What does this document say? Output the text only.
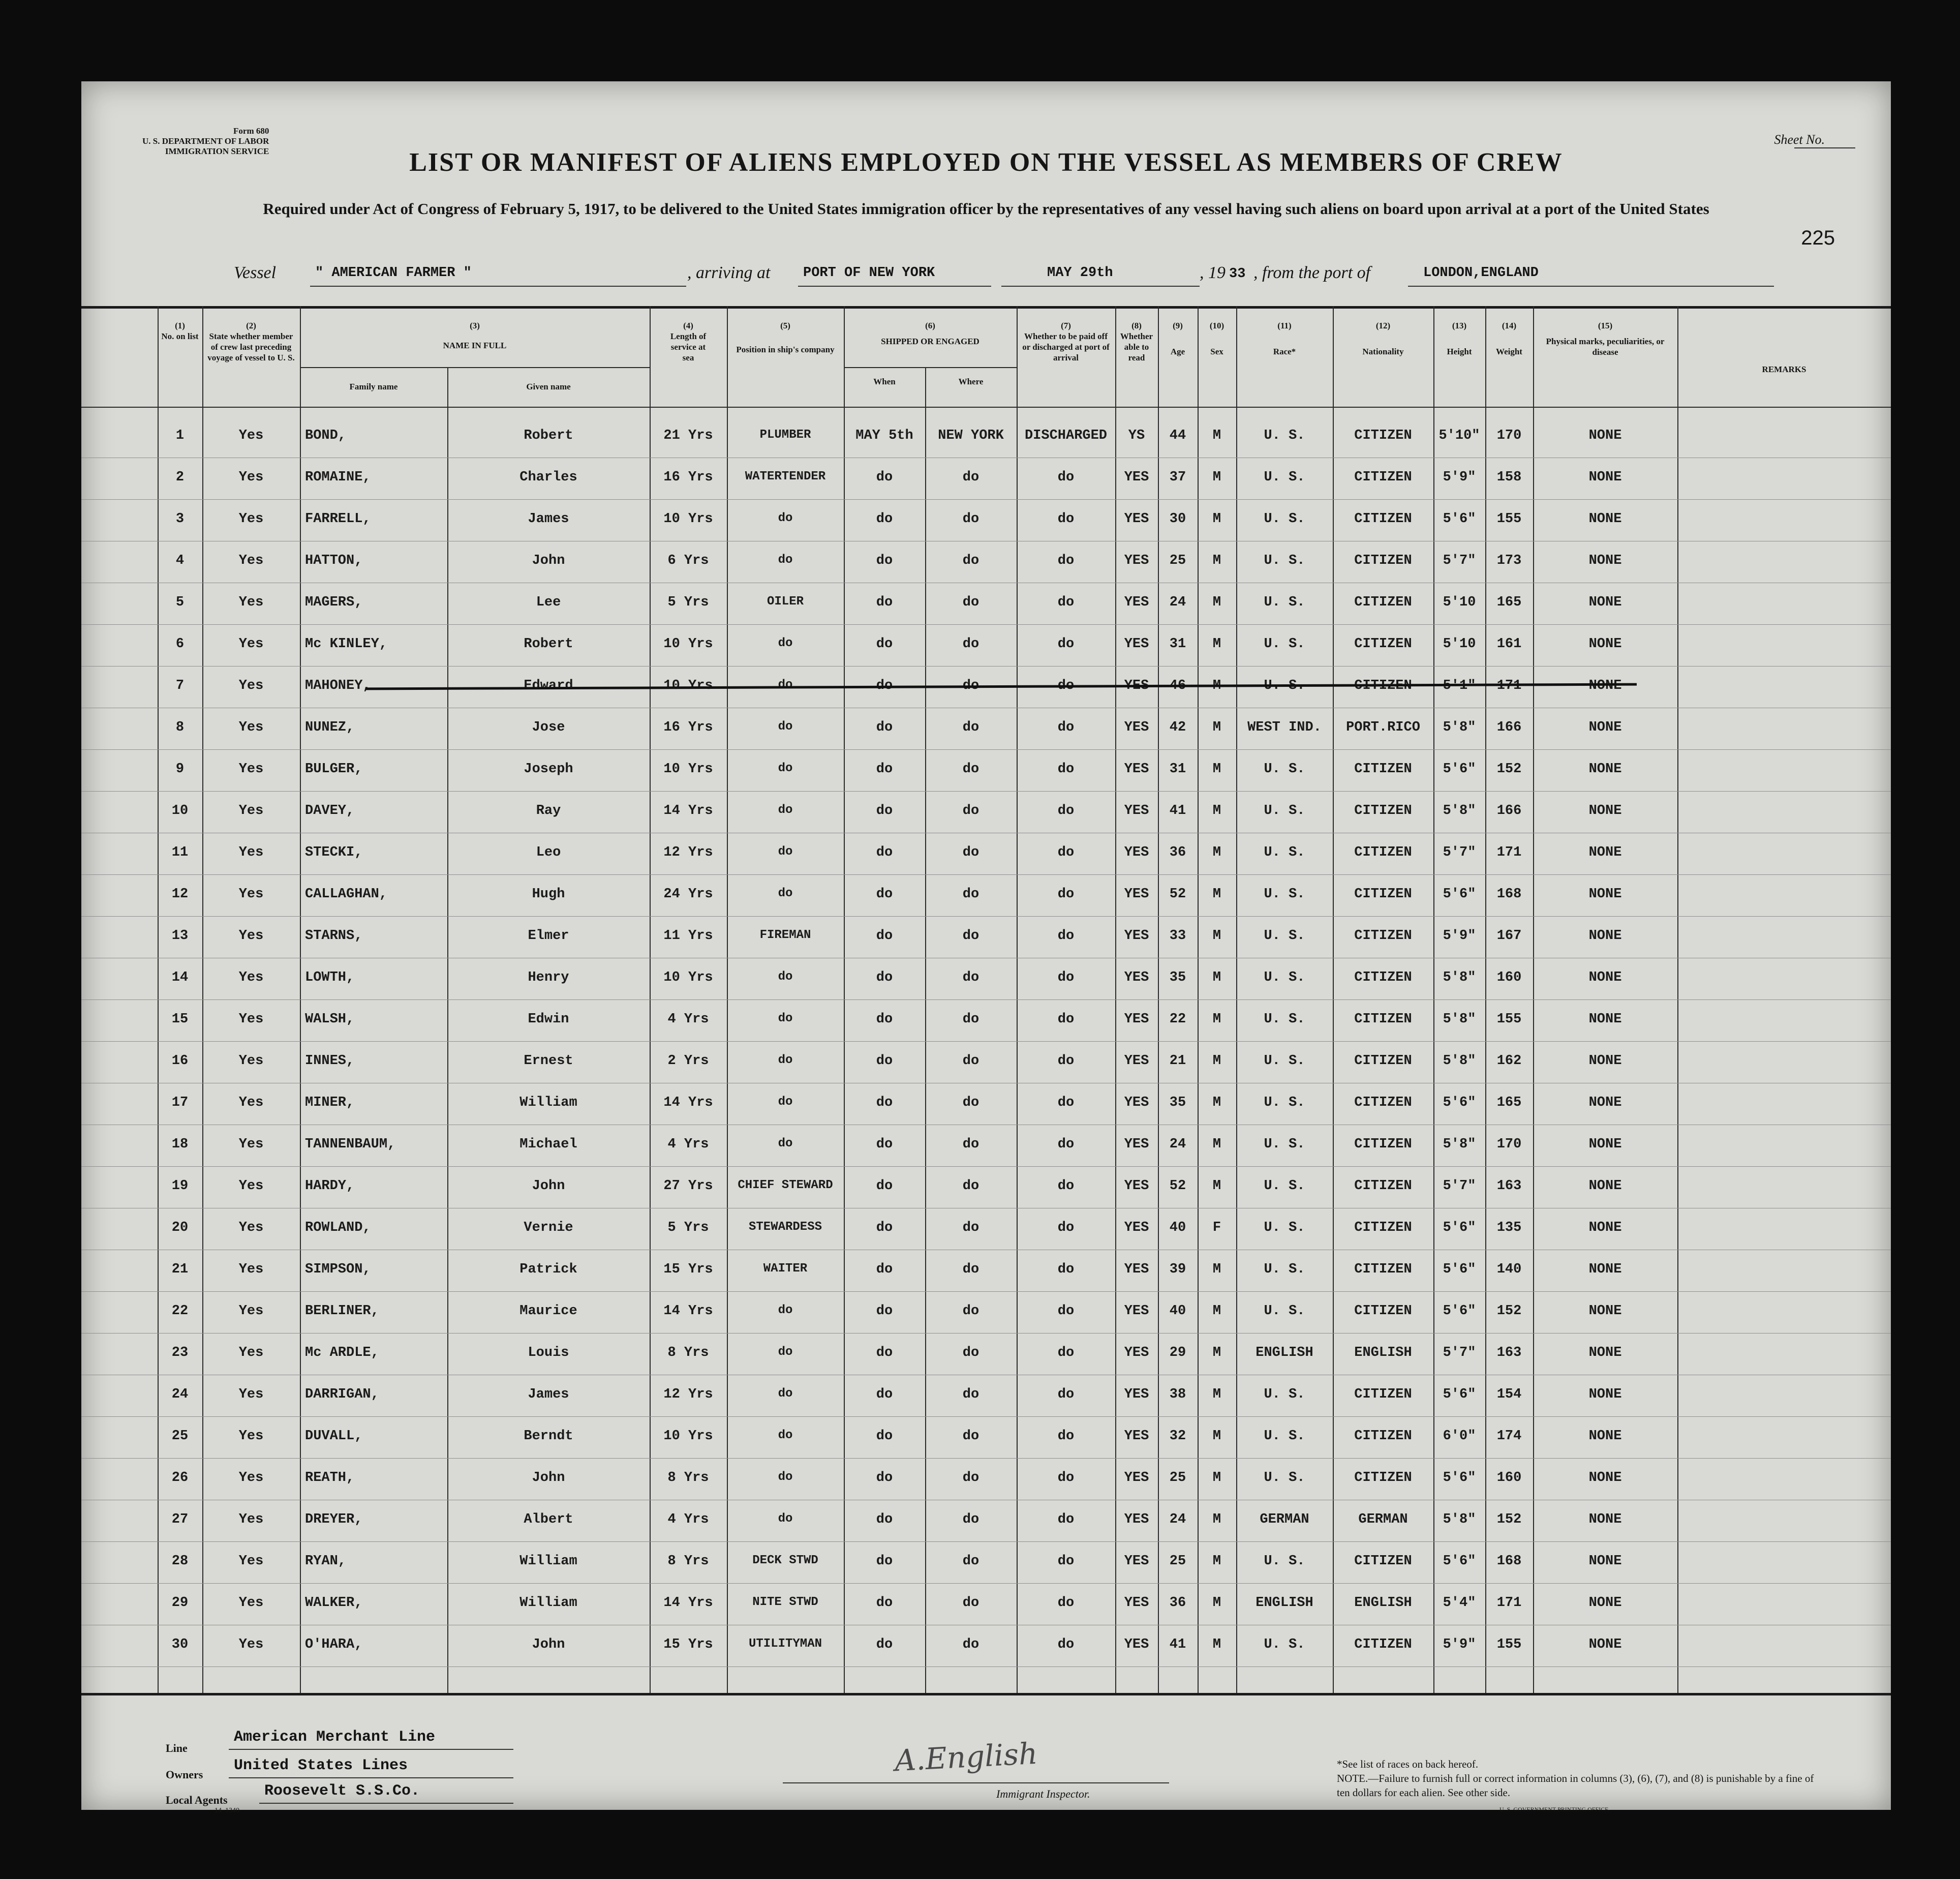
Form 680
U. S. DEPARTMENT OF LABOR
IMMIGRATION SERVICE
Sheet No.
LIST OR MANIFEST OF ALIENS EMPLOYED ON THE VESSEL AS MEMBERS OF CREW
Required under Act of Congress of February 5, 1917, to be delivered to the United States immigration officer by the representatives of any vessel having such aliens on board upon arrival at a port of the United States
225
Vessel	" AMERICAN FARMER "	, arriving at PORT OF NEW YORK	MAY 29th	, 19 33 , from the port of	LONDON,ENGLAND
(1)
No. on list
(2)
State whether member of crew last preceding voyage of vessel to U. S.
(3)
NAME IN FULL
Family name	Given name
(4)
Length of service at sea
(5)
Position in ship's company
(6)
SHIPPED OR ENGAGED
When	Where
(7)
Whether to be paid off or discharged at port of arrival
(8)
Whether able to read
(9)
Age
(10)
Sex
(11)
Race*
(12)
Nationality
(13)
Height
(14)
Weight
(15)
Physical marks, peculiarities, or disease
REMARKS
1	Yes	BOND,	Robert	21 Yrs	PLUMBER	MAY 5th	NEW YORK	DISCHARGED	YS	44	M	U. S.	CITIZEN	5'10"	170	NONE
2	Yes	ROMAINE,	Charles	16 Yrs	WATERTENDER	do	do	do	YES	37	M	U. S.	CITIZEN	5'9"	158	NONE
3	Yes	FARRELL,	James	10 Yrs	do	do	do	do	YES	30	M	U. S.	CITIZEN	5'6"	155	NONE
4	Yes	HATTON,	John	6 Yrs	do	do	do	do	YES	25	M	U. S.	CITIZEN	5'7"	173	NONE
5	Yes	MAGERS,	Lee	5 Yrs	OILER	do	do	do	YES	24	M	U. S.	CITIZEN	5'10	165	NONE
6	Yes	Mc KINLEY,	Robert	10 Yrs	do	do	do	do	YES	31	M	U. S.	CITIZEN	5'10	161	NONE
7	Yes	MAHONEY,	Edward	10 Yrs	do	do	do	do	YES	46	M	U. S.	CITIZEN	5'1"	171	NONE
8	Yes	NUNEZ,	Jose	16 Yrs	do	do	do	do	YES	42	M	WEST IND.	PORT.RICO	5'8"	166	NONE
9	Yes	BULGER,	Joseph	10 Yrs	do	do	do	do	YES	31	M	U. S.	CITIZEN	5'6"	152	NONE
10	Yes	DAVEY,	Ray	14 Yrs	do	do	do	do	YES	41	M	U. S.	CITIZEN	5'8"	166	NONE
11	Yes	STECKI,	Leo	12 Yrs	do	do	do	do	YES	36	M	U. S.	CITIZEN	5'7"	171	NONE
12	Yes	CALLAGHAN,	Hugh	24 Yrs	do	do	do	do	YES	52	M	U. S.	CITIZEN	5'6"	168	NONE
13	Yes	STARNS,	Elmer	11 Yrs	FIREMAN	do	do	do	YES	33	M	U. S.	CITIZEN	5'9"	167	NONE
14	Yes	LOWTH,	Henry	10 Yrs	do	do	do	do	YES	35	M	U. S.	CITIZEN	5'8"	160	NONE
15	Yes	WALSH,	Edwin	4 Yrs	do	do	do	do	YES	22	M	U. S.	CITIZEN	5'8"	155	NONE
16	Yes	INNES,	Ernest	2 Yrs	do	do	do	do	YES	21	M	U. S.	CITIZEN	5'8"	162	NONE
17	Yes	MINER,	William	14 Yrs	do	do	do	do	YES	35	M	U. S.	CITIZEN	5'6"	165	NONE
18	Yes	TANNENBAUM,	Michael	4 Yrs	do	do	do	do	YES	24	M	U. S.	CITIZEN	5'8"	170	NONE
19	Yes	HARDY,	John	27 Yrs	CHIEF STEWARD	do	do	do	YES	52	M	U. S.	CITIZEN	5'7"	163	NONE
20	Yes	ROWLAND,	Vernie	5 Yrs	STEWARDESS	do	do	do	YES	40	F	U. S.	CITIZEN	5'6"	135	NONE
21	Yes	SIMPSON,	Patrick	15 Yrs	WAITER	do	do	do	YES	39	M	U. S.	CITIZEN	5'6"	140	NONE
22	Yes	BERLINER,	Maurice	14 Yrs	do	do	do	do	YES	40	M	U. S.	CITIZEN	5'6"	152	NONE
23	Yes	Mc ARDLE,	Louis	8 Yrs	do	do	do	do	YES	29	M	ENGLISH	ENGLISH	5'7"	163	NONE
24	Yes	DARRIGAN,	James	12 Yrs	do	do	do	do	YES	38	M	U. S.	CITIZEN	5'6"	154	NONE
25	Yes	DUVALL,	Berndt	10 Yrs	do	do	do	do	YES	32	M	U. S.	CITIZEN	6'0"	174	NONE
26	Yes	REATH,	John	8 Yrs	do	do	do	do	YES	25	M	U. S.	CITIZEN	5'6"	160	NONE
27	Yes	DREYER,	Albert	4 Yrs	do	do	do	do	YES	24	M	GERMAN	GERMAN	5'8"	152	NONE
28	Yes	RYAN,	William	8 Yrs	DECK STWD	do	do	do	YES	25	M	U. S.	CITIZEN	5'6"	168	NONE
29	Yes	WALKER,	William	14 Yrs	NITE STWD	do	do	do	YES	36	M	ENGLISH	ENGLISH	5'4"	171	NONE
30	Yes	O'HARA,	John	15 Yrs	UTILITYMAN	do	do	do	YES	41	M	U. S.	CITIZEN	5'9"	155	NONE
Line
American Merchant Line
Owners
United States Lines
Local Agents
Roosevelt S.S.Co.
14–1340
A.English
Immigrant Inspector.
*See list of races on back hereof.
NOTE.—Failure to furnish full or correct information in columns (3), (6), (7), and (8) is punishable by a fine of ten dollars for each alien. See other side.
U. S. GOVERNMENT PRINTING OFFICE
